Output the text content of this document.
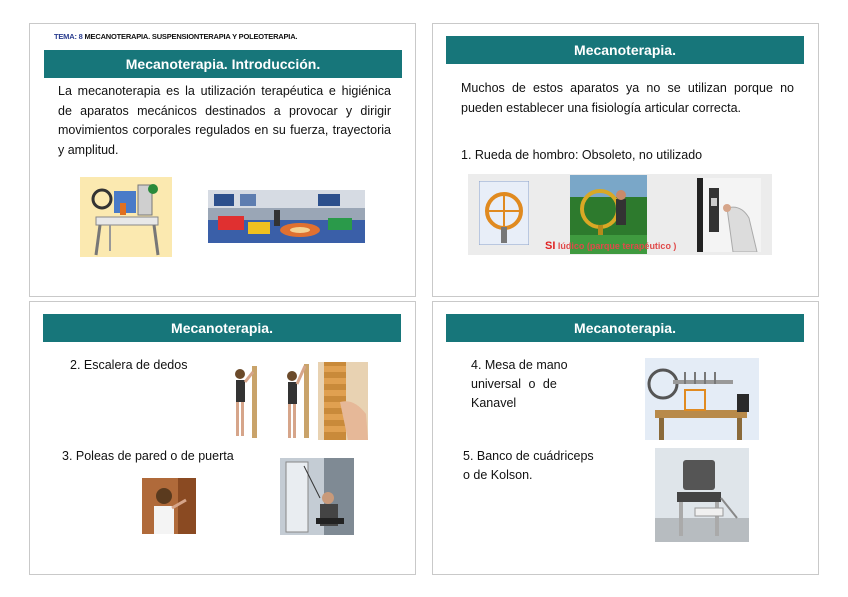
TEMA: 8 MECANOTERAPIA. SUSPENSIONTERAPIA Y POLEOTERAPIA.
Mecanoterapia. Introducción.
La mecanoterapia es la utilización terapéutica e higiénica de aparatos mecánicos destinados a provocar y dirigir movimientos corporales regulados en su fuerza, trayectoria y amplitud.
Mecanoterapia.
Muchos de estos aparatos ya no se utilizan porque no pueden establecer una fisiología articular correcta.
1. Rueda de hombro: Obsoleto, no utilizado
SI lúdico (parque terapéutico )
Mecanoterapia.
2. Escalera de dedos
3. Poleas de pared o de puerta
Mecanoterapia.
4. Mesa de mano
universal o de
Kanavel
5. Banco de cuádriceps
o de Kolson.
